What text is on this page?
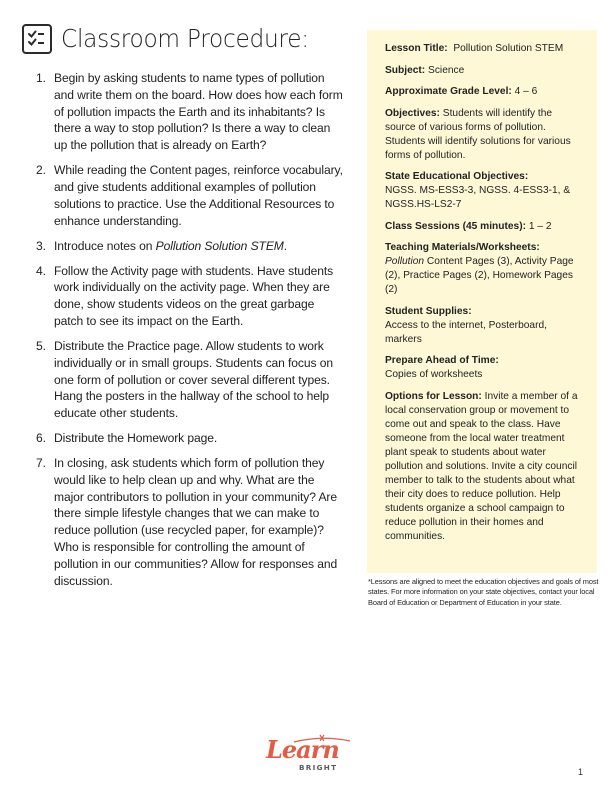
Classroom Procedure:
1. Begin by asking students to name types of pollution and write them on the board. How does how each form of pollution impacts the Earth and its inhabitants? Is there a way to stop pollution? Is there a way to clean up the pollution that is already on Earth?
2. While reading the Content pages, reinforce vocabulary, and give students additional examples of pollution solutions to practice. Use the Additional Resources to enhance understanding.
3. Introduce notes on Pollution Solution STEM.
4. Follow the Activity page with students. Have students work individually on the activity page. When they are done, show students videos on the great garbage patch to see its impact on the Earth.
5. Distribute the Practice page. Allow students to work individually or in small groups. Students can focus on one form of pollution or cover several different types. Hang the posters in the hallway of the school to help educate other students.
6. Distribute the Homework page.
7. In closing, ask students which form of pollution they would like to help clean up and why. What are the major contributors to pollution in your community? Are there simple lifestyle changes that we can make to reduce pollution (use recycled paper, for example)? Who is responsible for controlling the amount of pollution in our communities? Allow for responses and discussion.
Lesson Title: Pollution Solution STEM
Subject: Science
Approximate Grade Level: 4 – 6
Objectives: Students will identify the source of various forms of pollution. Students will identify solutions for various forms of pollution.
State Educational Objectives:
NGSS. MS-ESS3-3, NGSS. 4-ESS3-1, & NGSS.HS-LS2-7
Class Sessions (45 minutes): 1 – 2
Teaching Materials/Worksheets:
Pollution Content Pages (3), Activity Page (2), Practice Pages (2), Homework Pages (2)
Student Supplies:
Access to the internet, Posterboard, markers
Prepare Ahead of Time:
Copies of worksheets
Options for Lesson: Invite a member of a local conservation group or movement to come out and speak to the class. Have someone from the local water treatment plant speak to students about water pollution and solutions. Invite a city council member to talk to the students about what their city does to reduce pollution. Help students organize a school campaign to reduce pollution in their homes and communities.
*Lessons are aligned to meet the education objectives and goals of most states. For more information on your state objectives, contact your local Board of Education or Department of Education in your state.
Learn
BRIGHT	1
